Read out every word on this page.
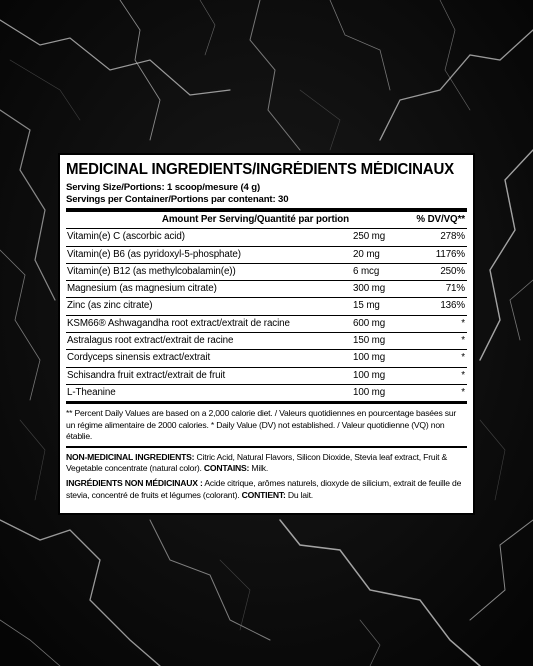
MEDICINAL INGREDIENTS/INGRÉDIENTS MÉDICINAUX
Serving Size/Portions: 1 scoop/mesure (4 g)
Servings per Container/Portions par contenant: 30
Amount Per Serving/Quantité par portion		% DV/VQ**
Vitamin(e) C (ascorbic acid)	250 mg	278%
Vitamin(e) B6 (as pyridoxyl-5-phosphate)	20 mg	1176%
Vitamin(e) B12 (as methylcobalamin(e))	6 mcg	250%
Magnesium (as magnesium citrate)	300 mg	71%
Zinc (as zinc citrate)	15 mg	136%
KSM66® Ashwagandha root extract/extrait de racine	600 mg	*
Astralagus root extract/extrait de racine	150 mg	*
Cordyceps sinensis extract/extrait	100 mg	*
Schisandra fruit extract/extrait de fruit	100 mg	*
L-Theanine	100 mg	*
** Percent Daily Values are based on a 2,000 calorie diet. / Valeurs quotidiennes en pourcentage basées sur un régime alimentaire de 2000 calories. * Daily Value (DV) not established. / Valeur quotidienne (VQ) non établie.
NON-MEDICINAL INGREDIENTS: Citric Acid, Natural Flavors, Silicon Dioxide, Stevia leaf extract, Fruit & Vegetable concentrate (natural color). CONTAINS: Milk.
INGRÉDIENTS NON MÉDICINAUX : Acide citrique, arômes naturels, dioxyde de silicium, extrait de feuille de stevia, concentré de fruits et légumes (colorant). CONTIENT: Du lait.
